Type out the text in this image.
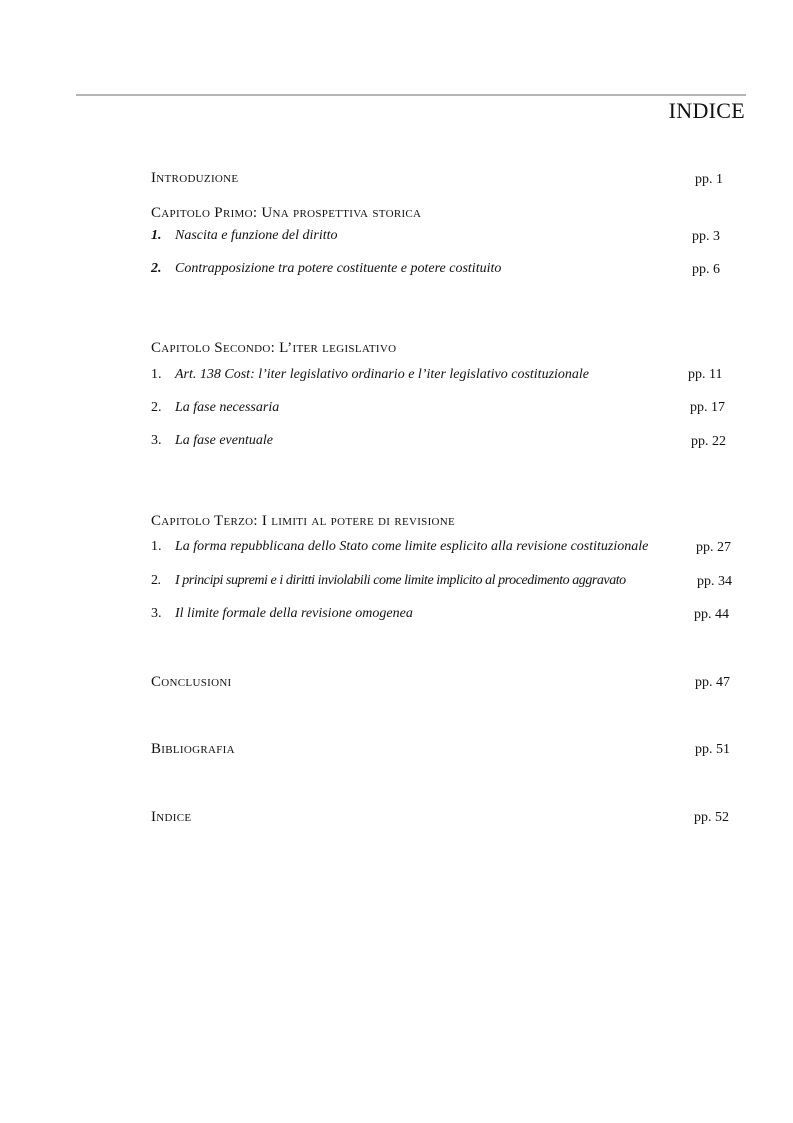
INDICE
Introduzione	pp. 1
Capitolo Primo: Una prospettiva storica
1. Nascita e funzione del diritto	pp. 3
2. Contrapposizione tra potere costituente e potere costituito	pp. 6
Capitolo Secondo: L’iter legislativo
1. Art. 138 Cost: l’iter legislativo ordinario e l’iter legislativo costituzionale	pp. 11
2. La fase necessaria	pp. 17
3. La fase eventuale	pp. 22
Capitolo Terzo: I limiti al potere di revisione
1. La forma repubblicana dello Stato come limite esplicito alla revisione costituzionale	pp. 27
2. I principi supremi e i diritti inviolabili come limite implicito al procedimento aggravato	pp. 34
3. Il limite formale della revisione omogenea	pp. 44
Conclusioni	pp. 47
Bibliografia	pp. 51
Indice	pp. 52
